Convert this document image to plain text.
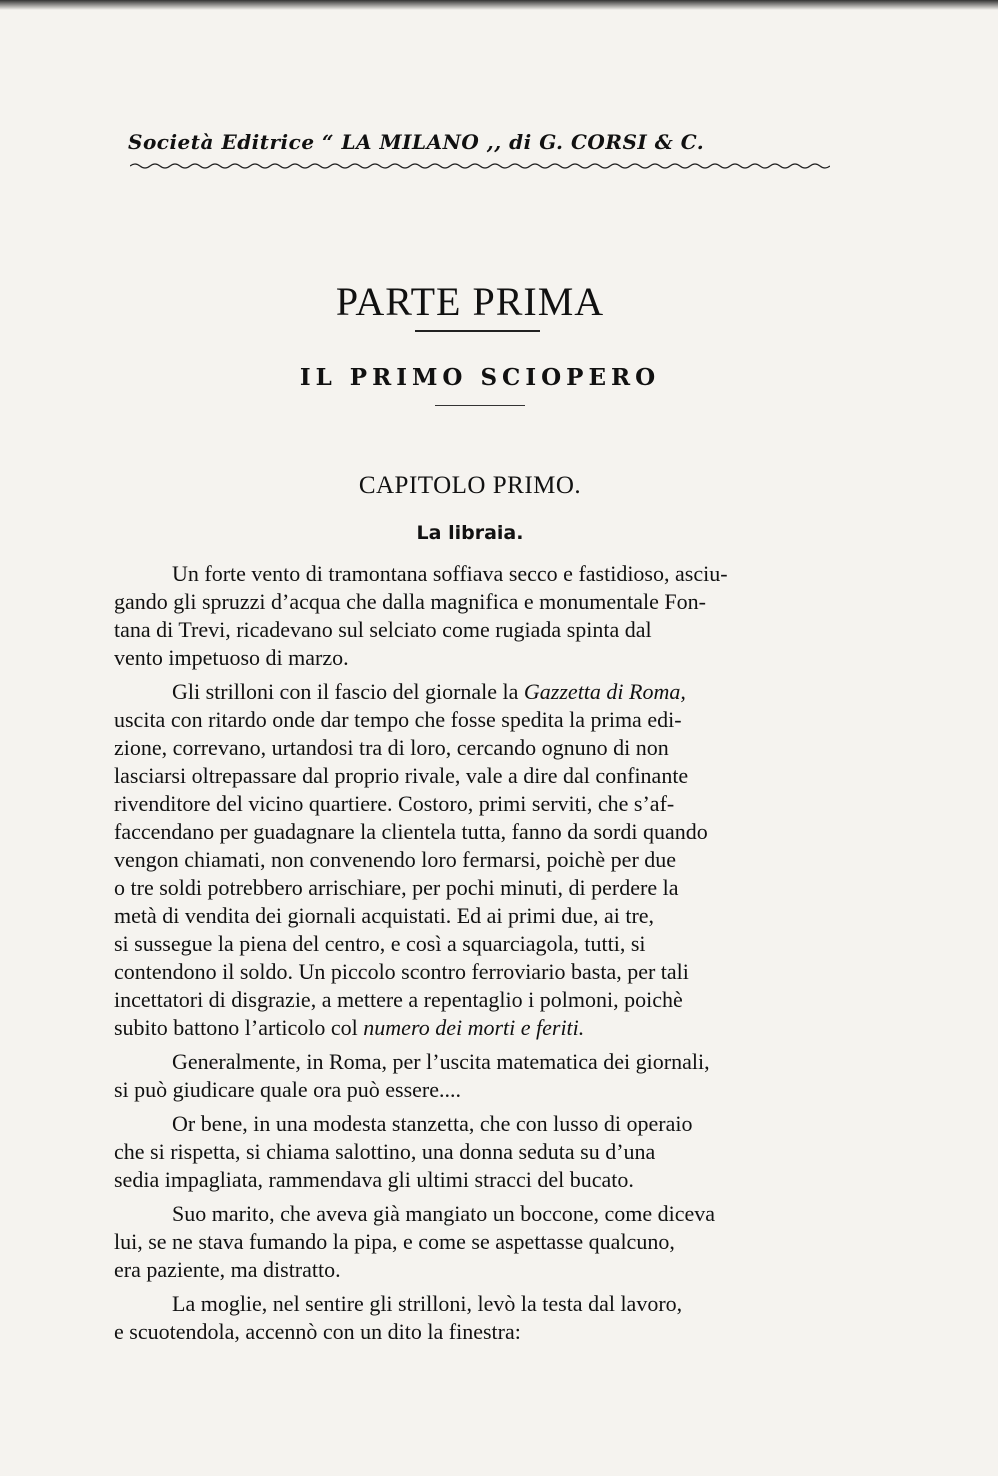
Società Editrice “ LA MILANO ,, di G. CORSI & C.
PARTE PRIMA
IL PRIMO SCIOPERO
CAPITOLO PRIMO.
La libraia.
Un forte vento di tramontana soffiava secco e fastidioso, asciu-
gando gli spruzzi d’acqua che dalla magnifica e monumentale Fon-
tana di Trevi, ricadevano sul selciato come rugiada spinta dal
vento impetuoso di marzo.
Gli strilloni con il fascio del giornale la Gazzetta di Roma,
uscita con ritardo onde dar tempo che fosse spedita la prima edi-
zione, correvano, urtandosi tra di loro, cercando ognuno di non
lasciarsi oltrepassare dal proprio rivale, vale a dire dal confinante
rivenditore del vicino quartiere. Costoro, primi serviti, che s’af-
faccendano per guadagnare la clientela tutta, fanno da sordi quando
vengon chiamati, non convenendo loro fermarsi, poichè per due
o tre soldi potrebbero arrischiare, per pochi minuti, di perdere la
metà di vendita dei giornali acquistati. Ed ai primi due, ai tre,
si sussegue la piena del centro, e così a squarciagola, tutti, si
contendono il soldo. Un piccolo scontro ferroviario basta, per tali
incettatori di disgrazie, a mettere a repentaglio i polmoni, poichè
subito battono l’articolo col numero dei morti e feriti.
Generalmente, in Roma, per l’uscita matematica dei giornali,
si può giudicare quale ora può essere....
Or bene, in una modesta stanzetta, che con lusso di operaio
che si rispetta, si chiama salottino, una donna seduta su d’una
sedia impagliata, rammendava gli ultimi stracci del bucato.
Suo marito, che aveva già mangiato un boccone, come diceva
lui, se ne stava fumando la pipa, e come se aspettasse qualcuno,
era paziente, ma distratto.
La moglie, nel sentire gli strilloni, levò la testa dal lavoro,
e scuotendola, accennò con un dito la finestra:
